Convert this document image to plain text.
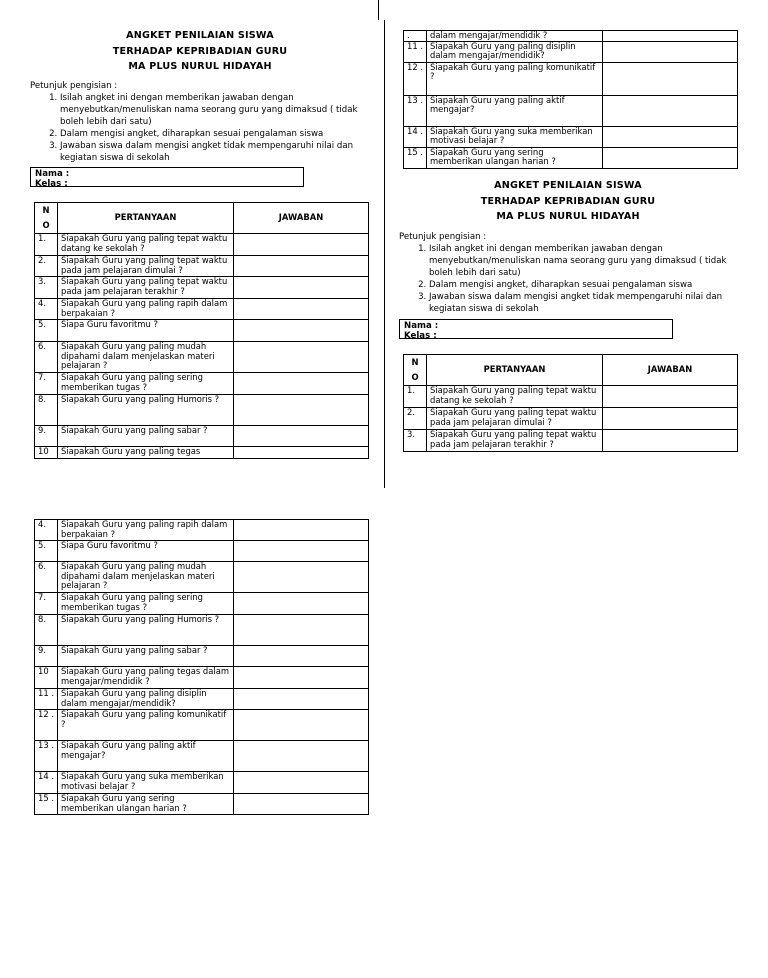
ANGKET PENILAIAN SISWA
TERHADAP KEPRIBADIAN GURU
MA PLUS NURUL HIDAYAH
Petunjuk pengisian :
1. Isilah angket ini dengan memberikan jawaban dengan menyebutkan/menuliskan nama seorang guru yang dimaksud ( tidak boleh lebih dari satu)
2. Dalam mengisi angket, diharapkan sesuai pengalaman siswa
3. Jawaban siswa dalam mengisi angket tidak mempengaruhi nilai dan kegiatan siswa di sekolah
Nama :
Kelas :
N O	PERTANYAAN	JAWABAN
1.	Siapakah Guru yang paling tepat waktu datang ke sekolah ?	
2.	Siapakah Guru yang paling tepat waktu pada jam pelajaran dimulai ?	
3.	Siapakah Guru yang paling tepat waktu pada jam pelajaran terakhir ?	
4.	Siapakah Guru yang paling rapih dalam berpakaian ?	
5.	Siapa Guru favoritmu ?	
6.	Siapakah Guru yang paling mudah dipahami dalam menjelaskan materi pelajaran ?	
7.	Siapakah Guru yang paling sering memberikan tugas ?	
8.	Siapakah Guru yang paling Humoris ?	
9.	Siapakah Guru yang paling sabar ?	
10	Siapakah Guru yang paling tegas	
4.	Siapakah Guru yang paling rapih dalam berpakaian ?	
5.	Siapa Guru favoritmu ?	
6.	Siapakah Guru yang paling mudah dipahami dalam menjelaskan materi pelajaran ?	
7.	Siapakah Guru yang paling sering memberikan tugas ?	
8.	Siapakah Guru yang paling Humoris ?	
9.	Siapakah Guru yang paling sabar ?	
10	Siapakah Guru yang paling tegas dalam mengajar/mendidik ?	
11 .	Siapakah Guru yang paling disiplin dalam mengajar/mendidik?	
12 .	Siapakah Guru yang paling komunikatif ?	
13 .	Siapakah Guru yang paling aktif mengajar?	
14 .	Siapakah Guru yang suka memberikan motivasi belajar ?	
15 .	Siapakah Guru yang sering memberikan ulangan harian ?	
.	dalam mengajar/mendidik ?	
11 .	Siapakah Guru yang paling disiplin dalam mengajar/mendidik?	
12 .	Siapakah Guru yang paling komunikatif ?	
13 .	Siapakah Guru yang paling aktif mengajar?	
14 .	Siapakah Guru yang suka memberikan motivasi belajar ?	
15 .	Siapakah Guru yang sering memberikan ulangan harian ?	
ANGKET PENILAIAN SISWA
TERHADAP KEPRIBADIAN GURU
MA PLUS NURUL HIDAYAH
Petunjuk pengisian :
1. Isilah angket ini dengan memberikan jawaban dengan menyebutkan/menuliskan nama seorang guru yang dimaksud ( tidak boleh lebih dari satu)
2. Dalam mengisi angket, diharapkan sesuai pengalaman siswa
3. Jawaban siswa dalam mengisi angket tidak mempengaruhi nilai dan kegiatan siswa di sekolah
Nama :
Kelas :
N O	PERTANYAAN	JAWABAN
1.	Siapakah Guru yang paling tepat waktu datang ke sekolah ?	
2.	Siapakah Guru yang paling tepat waktu pada jam pelajaran dimulai ?	
3.	Siapakah Guru yang paling tepat waktu pada jam pelajaran terakhir ?	
